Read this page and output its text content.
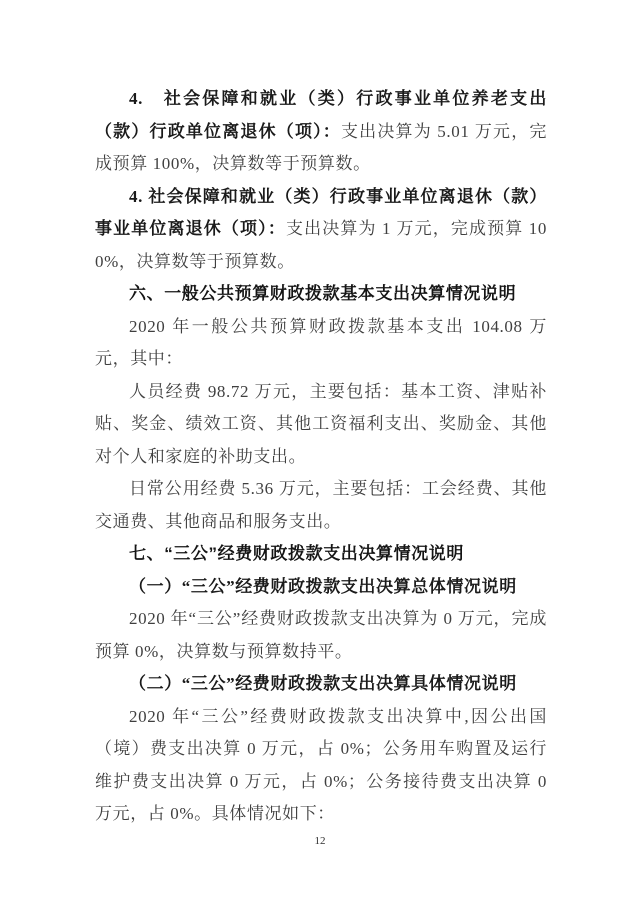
4.　社会保障和就业（类）行政事业单位养老支出（款）行政单位离退休（项）：支出决算为 5.01 万元，完成预算 100%，决算数等于预算数。

4. 社会保障和就业（类）行政事业单位离退休（款）事业单位离退休（项）：支出决算为 1 万元，完成预算 100%，决算数等于预算数。

六、一般公共预算财政拨款基本支出决算情况说明

2020 年一般公共预算财政拨款基本支出 104.08 万元，其中：

人员经费 98.72 万元，主要包括：基本工资、津贴补贴、奖金、绩效工资、其他工资福利支出、奖励金、其他对个人和家庭的补助支出。

日常公用经费 5.36 万元，主要包括：工会经费、其他交通费、其他商品和服务支出。

七、“三公”经费财政拨款支出决算情况说明

（一）“三公”经费财政拨款支出决算总体情况说明

2020 年“三公”经费财政拨款支出决算为 0 万元，完成预算 0%，决算数与预算数持平。

（二）“三公”经费财政拨款支出决算具体情况说明

2020 年“三公”经费财政拨款支出决算中,因公出国（境）费支出决算 0 万元，占 0%；公务用车购置及运行维护费支出决算 0 万元，占 0%；公务接待费支出决算 0 万元，占 0%。具体情况如下：

12
